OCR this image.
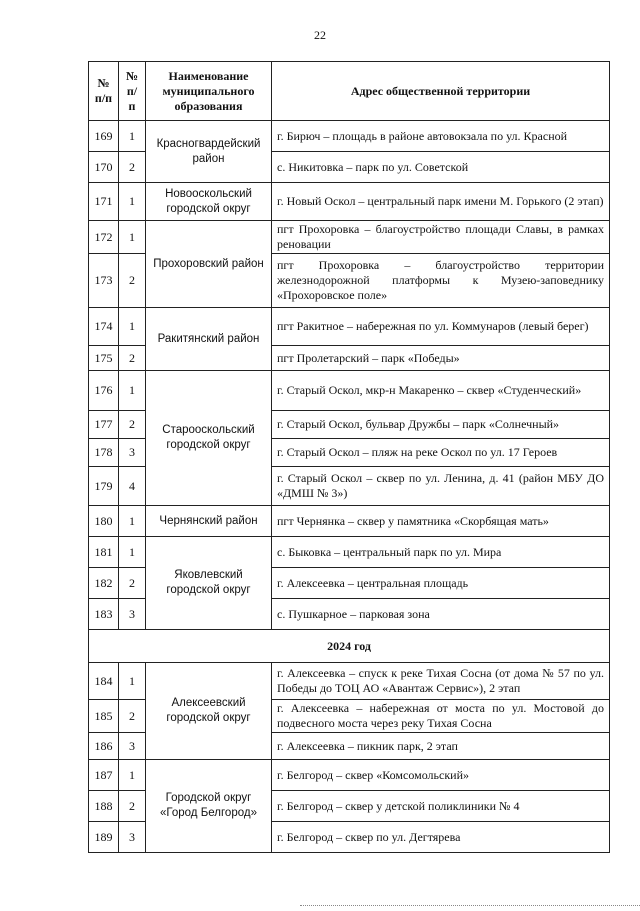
22
№ п/п	№ п/п	Наименование муниципального образования	Адрес общественной территории
169	1	Красногвардейский район	г. Бирюч – площадь в районе автовокзала по ул. Красной
170	2		с. Никитовка – парк по ул. Советской
171	1	Новооскольский городской округ	г. Новый Оскол – центральный парк имени М. Горького (2 этап)
172	1	Прохоровский район	пгт Прохоровка – благоустройство площади Славы, в рамках реновации
173	2		пгт Прохоровка – благоустройство территории железнодорожной платформы к Музею-заповеднику «Прохоровское поле»
174	1	Ракитянский район	пгт Ракитное – набережная по ул. Коммунаров (левый берег)
175	2		пгт Пролетарский – парк «Победы»
176	1	Старооскольский городской округ	г. Старый Оскол, мкр-н Макаренко – сквер «Студенческий»
177	2		г. Старый Оскол, бульвар Дружбы – парк «Солнечный»
178	3		г. Старый Оскол – пляж на реке Оскол по ул. 17 Героев
179	4		г. Старый Оскол – сквер по ул. Ленина, д. 41 (район МБУ ДО «ДМШ № 3»)
180	1	Чернянский район	пгт Чернянка – сквер у памятника «Скорбящая мать»
181	1	Яковлевский городской округ	с. Быковка – центральный парк по ул. Мира
182	2		г. Алексеевка – центральная площадь
183	3		с. Пушкарное – парковая зона
2024 год			
184	1	Алексеевский городской округ	г. Алексеевка – спуск к реке Тихая Сосна (от дома № 57 по ул. Победы до ТОЦ АО «Авантаж Сервис»), 2 этап
185	2		г. Алексеевка – набережная от моста по ул. Мостовой до подвесного моста через реку Тихая Сосна
186	3		г. Алексеевка – пикник парк, 2 этап
187	1	Городской округ «Город Белгород»	г. Белгород – сквер «Комсомольский»
188	2		г. Белгород – сквер у детской поликлиники № 4
189	3		г. Белгород – сквер по ул. Дегтярева
